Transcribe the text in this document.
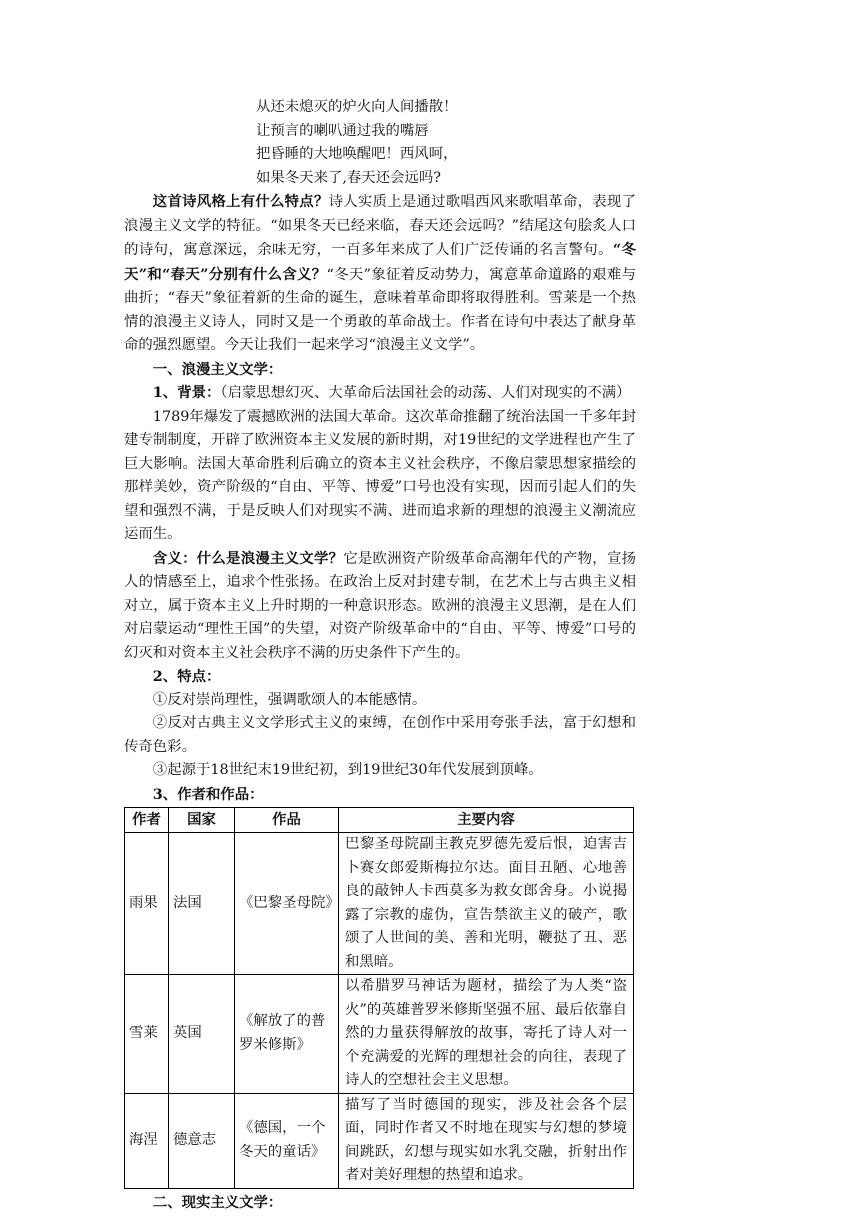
从还未熄灭的炉火向人间播散！
让预言的喇叭通过我的嘴唇
把昏睡的大地唤醒吧！西风呵，
如果冬天来了,春天还会远吗?

这首诗风格上有什么特点？诗人实质上是通过歌唱西风来歌唱革命，表现了浪漫主义文学的特征。“如果冬天已经来临，春天还会远吗？”结尾这句脍炙人口的诗句，寓意深远，余味无穷，一百多年来成了人们广泛传诵的名言警句。“冬天”和“春天”分别有什么含义？“冬天”象征着反动势力，寓意革命道路的艰难与曲折；“春天”象征着新的生命的诞生，意味着革命即将取得胜利。雪莱是一个热情的浪漫主义诗人，同时又是一个勇敢的革命战士。作者在诗句中表达了献身革命的强烈愿望。今天让我们一起来学习“浪漫主义文学”。

一、浪漫主义文学：

1、背景：（启蒙思想幻灭、大革命后法国社会的动荡、人们对现实的不满）

1789年爆发了震撼欧洲的法国大革命。这次革命推翻了统治法国一千多年封建专制制度，开辟了欧洲资本主义发展的新时期，对19世纪的文学进程也产生了巨大影响。法国大革命胜利后确立的资本主义社会秩序，不像启蒙思想家描绘的那样美妙，资产阶级的“自由、平等、博爱”口号也没有实现，因而引起人们的失望和强烈不满，于是反映人们对现实不满、进而追求新的理想的浪漫主义潮流应运而生。

含义：什么是浪漫主义文学？它是欧洲资产阶级革命高潮年代的产物，宣扬人的情感至上，追求个性张扬。在政治上反对封建专制，在艺术上与古典主义相对立，属于资本主义上升时期的一种意识形态。欧洲的浪漫主义思潮，是在人们对启蒙运动“理性王国”的失望，对资产阶级革命中的“自由、平等、博爱”口号的幻灭和对资本主义社会秩序不满的历史条件下产生的。

2、特点：

①反对崇尚理性，强调歌颂人的本能感情。

②反对古典主义文学形式主义的束缚，在创作中采用夸张手法，富于幻想和传奇色彩。

③起源于18世纪末19世纪初，到19世纪30年代发展到顶峰。

3、作者和作品：

作者	国家	作品	主要内容
雨果	法国	《巴黎圣母院》	巴黎圣母院副主教克罗德先爱后恨，迫害吉卜赛女郎爱斯梅拉尔达。面目丑陋、心地善良的敲钟人卡西莫多为救女郎舍身。小说揭露了宗教的虚伪，宣告禁欲主义的破产，歌颂了人世间的美、善和光明，鞭挞了丑、恶和黑暗。
雪莱	英国	《解放了的普罗米修斯》	以希腊罗马神话为题材，描绘了为人类“盗火”的英雄普罗米修斯坚强不屈、最后依靠自然的力量获得解放的故事，寄托了诗人对一个充满爱的光辉的理想社会的向往，表现了诗人的空想社会主义思想。
海涅	德意志	《德国，一个冬天的童话》	描写了当时德国的现实，涉及社会各个层面，同时作者又不时地在现实与幻想的梦境间跳跃，幻想与现实如水乳交融，折射出作者对美好理想的热望和追求。
二、现实主义文学：
